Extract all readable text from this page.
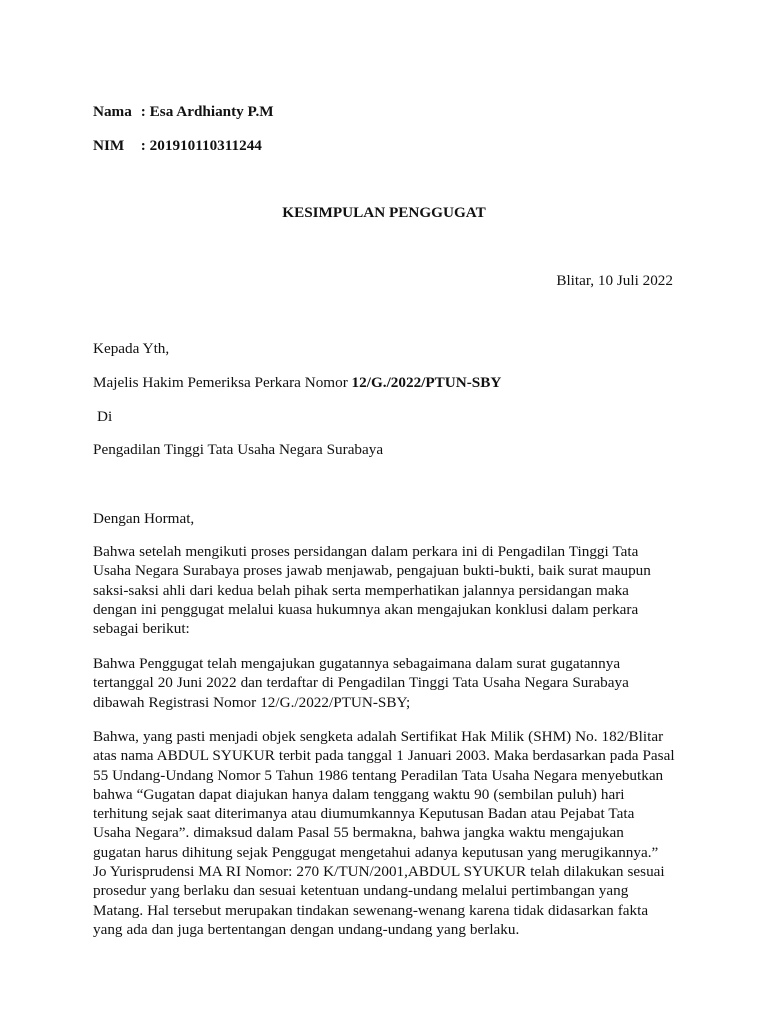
Nama : Esa Ardhianty P.M
NIM : 201910110311244
KESIMPULAN PENGGUGAT
Blitar, 10 Juli 2022
Kepada Yth,
Majelis Hakim Pemeriksa Perkara Nomor 12/G./2022/PTUN-SBY
Di
Pengadilan Tinggi Tata Usaha Negara Surabaya
Dengan Hormat,
Bahwa setelah mengikuti proses persidangan dalam perkara ini di Pengadilan Tinggi Tata Usaha Negara Surabaya proses jawab menjawab, pengajuan bukti-bukti, baik surat maupun saksi-saksi ahli dari kedua belah pihak serta memperhatikan jalannya persidangan maka dengan ini penggugat melalui kuasa hukumnya akan mengajukan konklusi dalam perkara sebagai berikut:
Bahwa Penggugat telah mengajukan gugatannya sebagaimana dalam surat gugatannya tertanggal 20 Juni 2022 dan terdaftar di Pengadilan Tinggi Tata Usaha Negara Surabaya dibawah Registrasi Nomor 12/G./2022/PTUN-SBY;
Bahwa, yang pasti menjadi objek sengketa adalah Sertifikat Hak Milik (SHM) No. 182/Blitar atas nama ABDUL SYUKUR terbit pada tanggal 1 Januari 2003. Maka berdasarkan pada Pasal 55 Undang-Undang Nomor 5 Tahun 1986 tentang Peradilan Tata Usaha Negara menyebutkan bahwa “Gugatan dapat diajukan hanya dalam tenggang waktu 90 (sembilan puluh) hari terhitung sejak saat diterimanya atau diumumkannya Keputusan Badan atau Pejabat Tata Usaha Negara”. dimaksud dalam Pasal 55 bermakna, bahwa jangka waktu mengajukan gugatan harus dihitung sejak Penggugat mengetahui adanya keputusan yang merugikannya.” Jo Yurisprudensi MA RI Nomor: 270 K/TUN/2001,ABDUL SYUKUR telah dilakukan sesuai prosedur yang berlaku dan sesuai ketentuan undang-undang melalui pertimbangan yang Matang. Hal tersebut merupakan tindakan sewenang-wenang karena tidak didasarkan fakta yang ada dan juga bertentangan dengan undang-undang yang berlaku.
